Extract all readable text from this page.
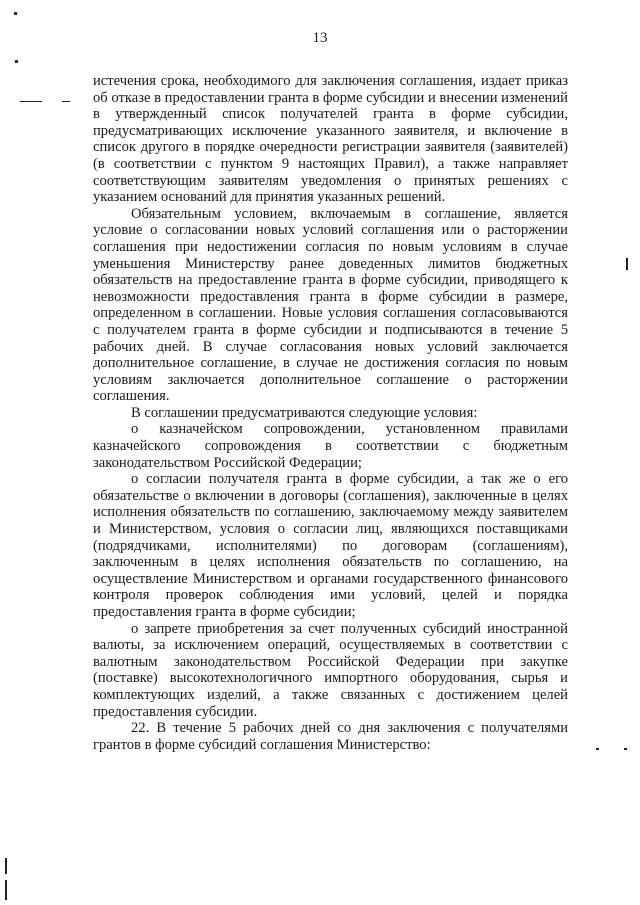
13

истечения срока, необходимого для заключения соглашения, издает приказ об отказе в предоставлении гранта в форме субсидии и внесении изменений в утвержденный список получателей гранта в форме субсидии, предусматривающих исключение указанного заявителя, и включение в список другого в порядке очередности регистрации заявителя (заявителей) (в соответствии с пунктом 9 настоящих Правил), а также направляет соответствующим заявителям уведомления о принятых решениях с указанием оснований для принятия указанных решений.

Обязательным условием, включаемым в соглашение, является условие о согласовании новых условий соглашения или о расторжении соглашения при недостижении согласия по новым условиям в случае уменьшения Министерству ранее доведенных лимитов бюджетных обязательств на предоставление гранта в форме субсидии, приводящего к невозможности предоставления гранта в форме субсидии в размере, определенном в соглашении. Новые условия соглашения согласовываются с получателем гранта в форме субсидии и подписываются в течение 5 рабочих дней. В случае согласования новых условий заключается дополнительное соглашение, в случае не достижения согласия по новым условиям заключается дополнительное соглашение о расторжении соглашения.

В соглашении предусматриваются следующие условия:

о казначейском сопровождении, установленном правилами казначейского сопровождения в соответствии с бюджетным законодательством Российской Федерации;

о согласии получателя гранта в форме субсидии, а так же о его обязательстве о включении в договоры (соглашения), заключенные в целях исполнения обязательств по соглашению, заключаемому между заявителем и Министерством, условия о согласии лиц, являющихся поставщиками (подрядчиками, исполнителями) по договорам (соглашениям), заключенным в целях исполнения обязательств по соглашению, на осуществление Министерством и органами государственного финансового контроля проверок соблюдения ими условий, целей и порядка предоставления гранта в форме субсидии;

о запрете приобретения за счет полученных субсидий иностранной валюты, за исключением операций, осуществляемых в соответствии с валютным законодательством Российской Федерации при закупке (поставке) высокотехнологичного импортного оборудования, сырья и комплектующих изделий, а также связанных с достижением целей предоставления субсидии.

22. В течение 5 рабочих дней со дня заключения с получателями грантов в форме субсидий соглашения Министерство:
